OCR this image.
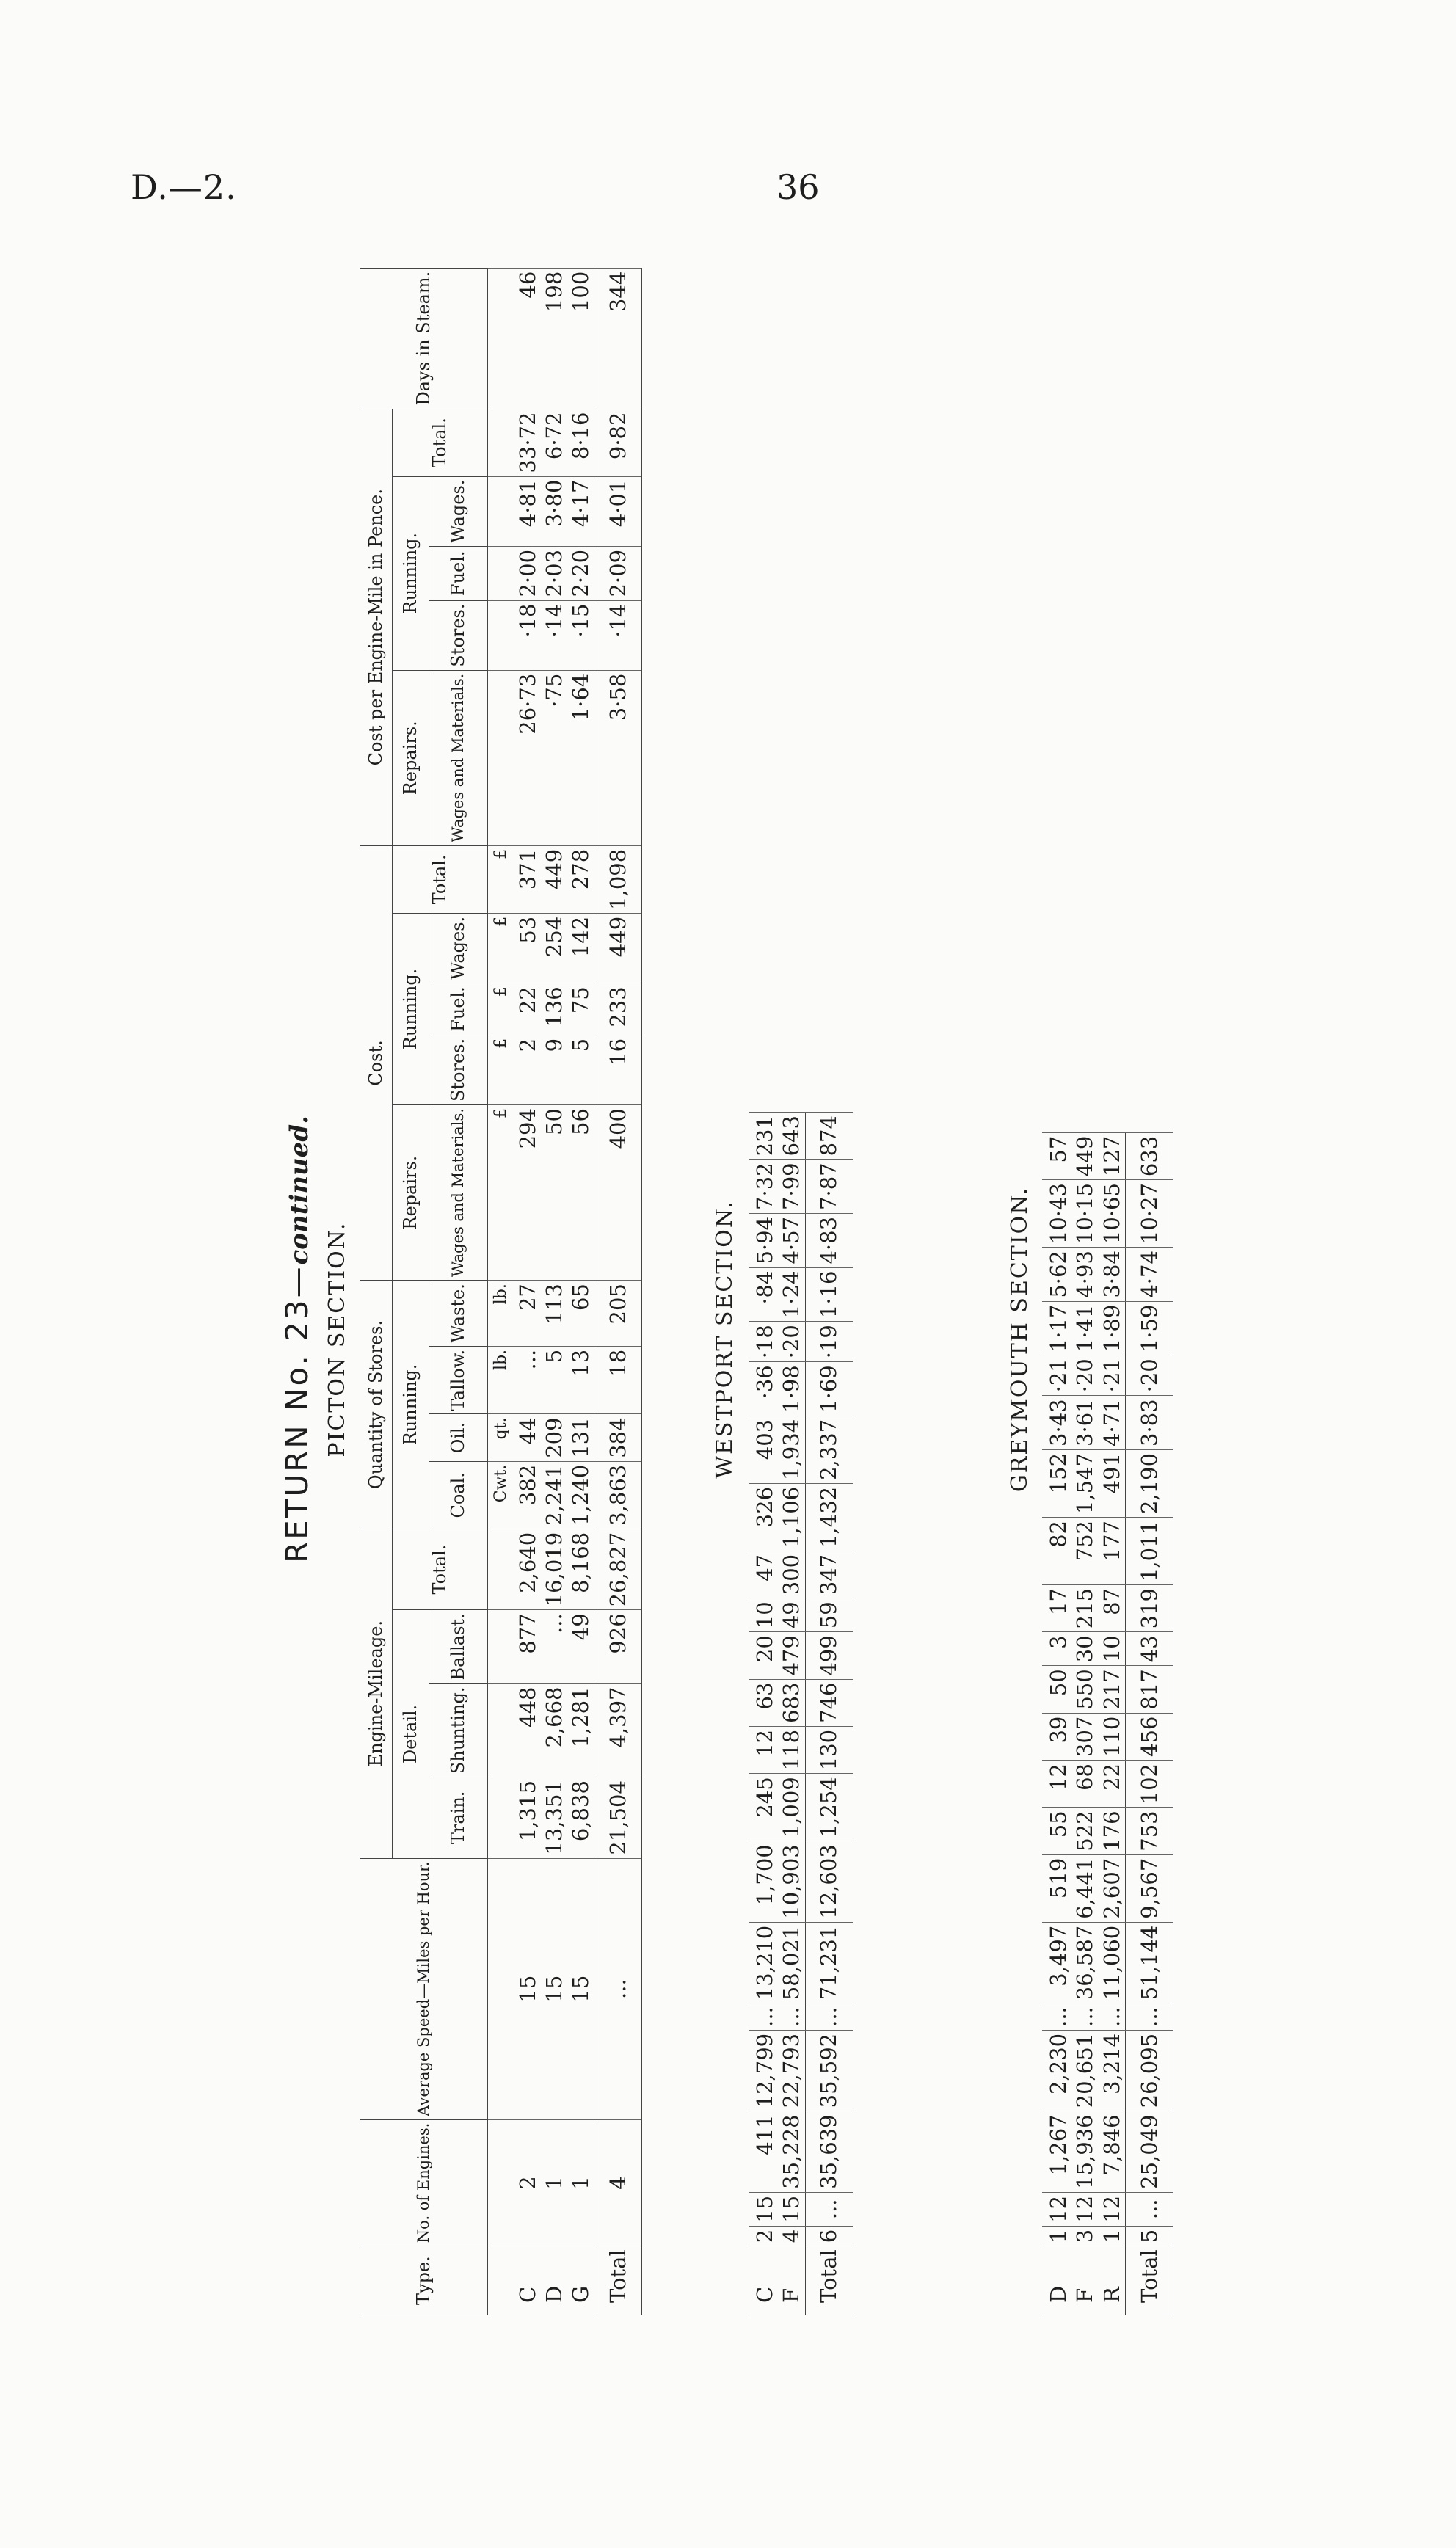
D.—2.	36
RETURN No. 23—continued.
PICTON SECTION.
Type.	No. of Engines.	Average Speed—Miles per Hour.	Engine-Mileage.				Quantity of Stores.				Cost.					Cost per Engine-Mile in Pence.					Days in Steam.
			Detail.			Total.	Running.				Repairs.	Running.			Total.	Repairs.	Running.			Total.	
			Train.	Shunting.	Ballast.		Coal.	Oil.	Tallow.	Waste.	Wages and Materials.	Stores.	Fuel.	Wages.		Wages and Materials.	Stores.	Fuel.	Wages.		
							Cwt.	qt.	lb.	lb.	£	£	£	£	£						
C	2	15	1,315	448	877	2,640	382	44	...	27	294	2	22	53	371	26·73	·18	2·00	4·81	33·72	46
D	1	15	13,351	2,668	...	16,019	2,241	209	5	113	50	9	136	254	449	·75	·14	2·03	3·80	6·72	198
G	1	15	6,838	1,281	49	8,168	1,240	131	13	65	56	5	75	142	278	1·64	·15	2·20	4·17	8·16	100
Total	4	...	21,504	4,397	926	26,827	3,863	384	18	205	400	16	233	449	1,098	3·58	·14	2·09	4·01	9·82	344
WESTPORT SECTION.
C	2	15	411	12,799	...	13,210	1,700	245	12	63	20	10	47	326	403	·36	·18	·84	5·94	7·32	231
F	4	15	35,228	22,793	...	58,021	10,903	1,009	118	683	479	49	300	1,106	1,934	1·98	·20	1·24	4·57	7·99	643
Total	6	...	35,639	35,592	...	71,231	12,603	1,254	130	746	499	59	347	1,432	2,337	1·69	·19	1·16	4·83	7·87	874
GREYMOUTH SECTION.
D	1	12	1,267	2,230	...	3,497	519	55	12	39	50	3	17	82	152	3·43	·21	1·17	5·62	10·43	57
F	3	12	15,936	20,651	...	36,587	6,441	522	68	307	550	30	215	752	1,547	3·61	·20	1·41	4·93	10·15	449
R	1	12	7,846	3,214	...	11,060	2,607	176	22	110	217	10	87	177	491	4·71	·21	1·89	3·84	10·65	127
Total	5	...	25,049	26,095	...	51,144	9,567	753	102	456	817	43	319	1,011	2,190	3·83	·20	1·59	4·74	10·27	633
